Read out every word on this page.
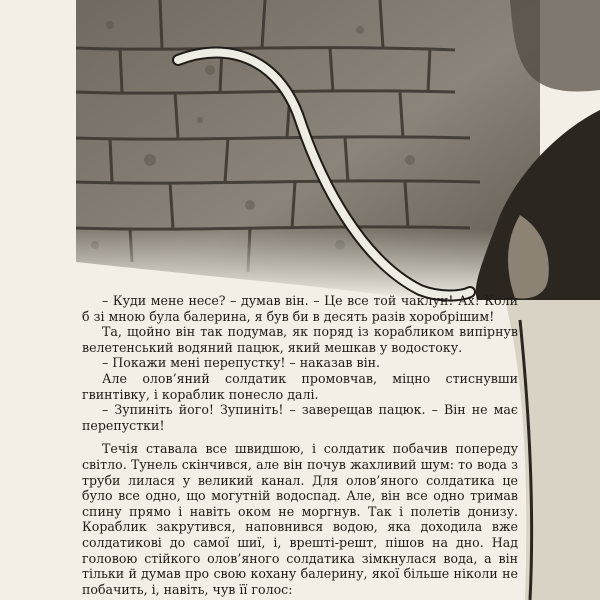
– Куди мене несе? – думав він. – Це все той чаклун! Ах! Коли б зі мною була балерина, я був би в десять разів хоробрішим!

Та, щойно він так подумав, як поряд із корабликом випірнув велетенський водяний пацюк, який мешкав у водостоку.

– Покажи мені перепустку! – наказав він.

Але олов’яний солдатик промовчав, міцно стиснувши гвинтівку, і кораблик понесло далі.

– Зупиніть його! Зупиніть! – заверещав пацюк. – Він не має перепустки!

Течія ставала все швидшою, і солдатик побачив попереду світло. Тунель скінчився, але він почув жахливий шум: то вода з труби лилася у великий канал. Для олов’яного солдатика це було все одно, що могутній водоспад. Але, він все одно тримав спину прямо і навіть оком не моргнув. Так і полетів донизу. Кораблик закрутився, наповнився водою, яка доходила вже солдатикові до самої шиї, і, врешті-решт, пішов на дно. Над головою стійкого олов’яного солдатика зімкнулася вода, а він тільки й думав про свою кохану балерину, якої більше ніколи не побачить, і, навіть, чув її голос:
